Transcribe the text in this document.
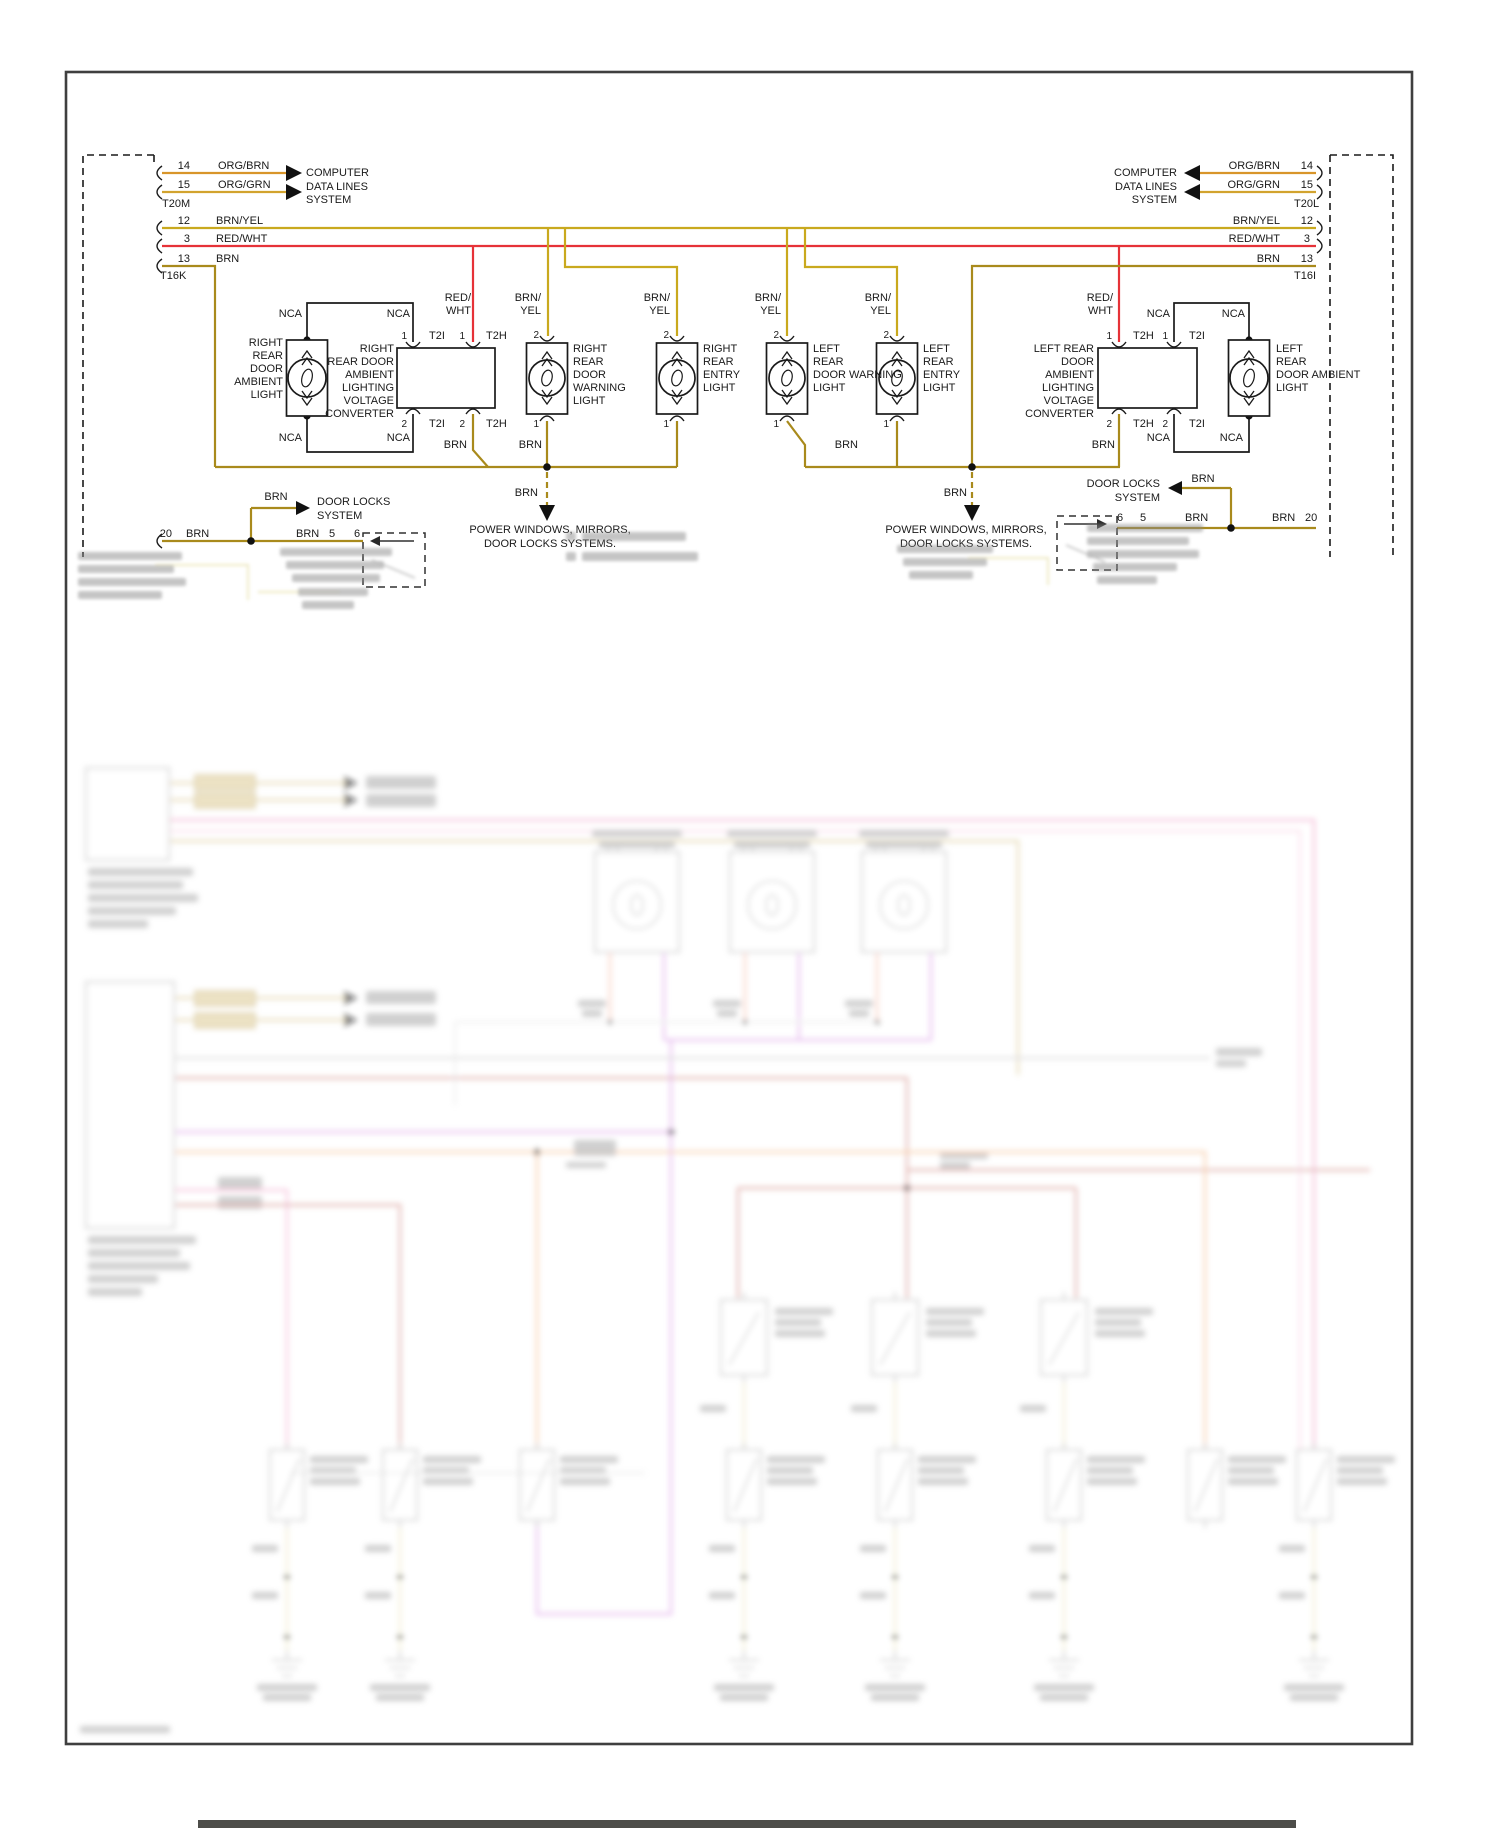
14	ORG/BRN
15	ORG/GRN
T20M
12 BRN/YEL
3 RED/WHT
13 BRN
T16K
COMPUTER
DATA LINES
SYSTEM
RIGHT
REAR
DOOR
AMBIENT
LIGHT
RIGHT
REAR DOOR
AMBIENT
LIGHTING
VOLTAGE
CONVERTER
NCA	NCA
NCA	NCA
RED/
WHT
1 T2I 1 T2H
2 T2I 2 T2H
BRN	BRN
BRN/
YEL
2
1
RIGHT
REAR
DOOR
WARNING
LIGHT
BRN/
YEL
2
1
RIGHT
REAR
ENTRY
LIGHT
BRN	DOOR LOCKS
SYSTEM
BRN
POWER WINDOWS, MIRRORS,
DOOR LOCKS SYSTEMS.
20 BRN	BRN 5 6
COMPUTER
DATA LINES
SYSTEM
ORG/BRN 14
ORG/GRN 15
T20L
BRN/YEL 12
RED/WHT 3
BRN 13
T16I
BRN/
YEL
2
1
LEFT
REAR
DOOR WARNING
LIGHT
BRN/
YEL
2
1
LEFT
REAR
ENTRY
LIGHT
RED/
WHT	NCA	NCA
NCA	NCA
1 T2H 1 T2I
2 T2H 2 T2I
LEFT
REAR
DOOR AMBIENT
LIGHT
LEFT REAR
DOOR
AMBIENT
LIGHTING
VOLTAGE
CONVERTER
BRN	BRN
DOOR LOCKS
SYSTEM
BRN
BRN
POWER WINDOWS, MIRRORS,
DOOR LOCKS SYSTEMS.
6 5	BRN	BRN 20
